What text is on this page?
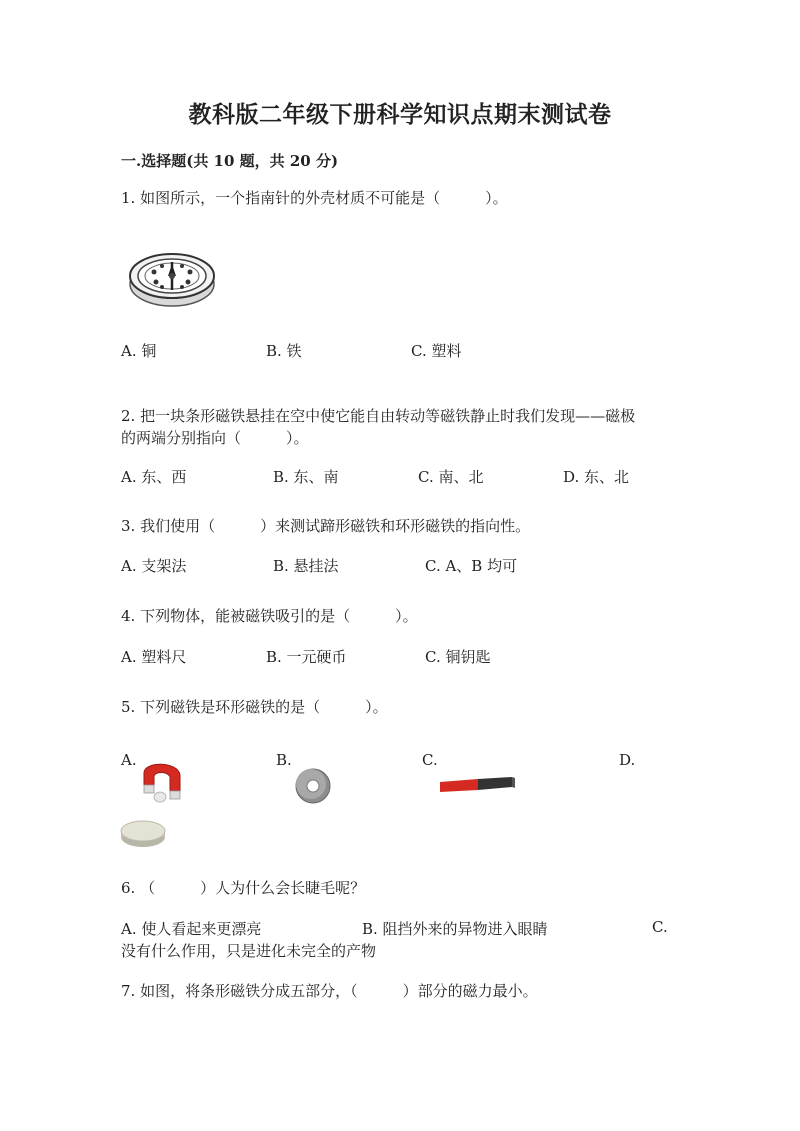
教科版二年级下册科学知识点期末测试卷
一.选择题(共 10 题，共 20 分)
1. 如图所示，一个指南针的外壳材质不可能是（　　　）。
A. 铜	B. 铁	C. 塑料
2. 把一块条形磁铁悬挂在空中使它能自由转动等磁铁静止时我们发现——磁极
的两端分别指向（　　　）。
A. 东、西	B. 东、南	C. 南、北	D. 东、北
3. 我们使用（　　　）来测试蹄形磁铁和环形磁铁的指向性。
A. 支架法	B. 悬挂法	C. A、B 均可
4. 下列物体，能被磁铁吸引的是（　　　）。
A. 塑料尺	B. 一元硬币	C. 铜钥匙
5. 下列磁铁是环形磁铁的是（　　　）。
A.	B.	C.	D.
6. （　　　）人为什么会长睫毛呢？
A. 使人看起来更漂亮	B. 阻挡外来的异物进入眼睛	C.
没有什么作用，只是进化未完全的产物
7. 如图，将条形磁铁分成五部分，（　　　）部分的磁力最小。
